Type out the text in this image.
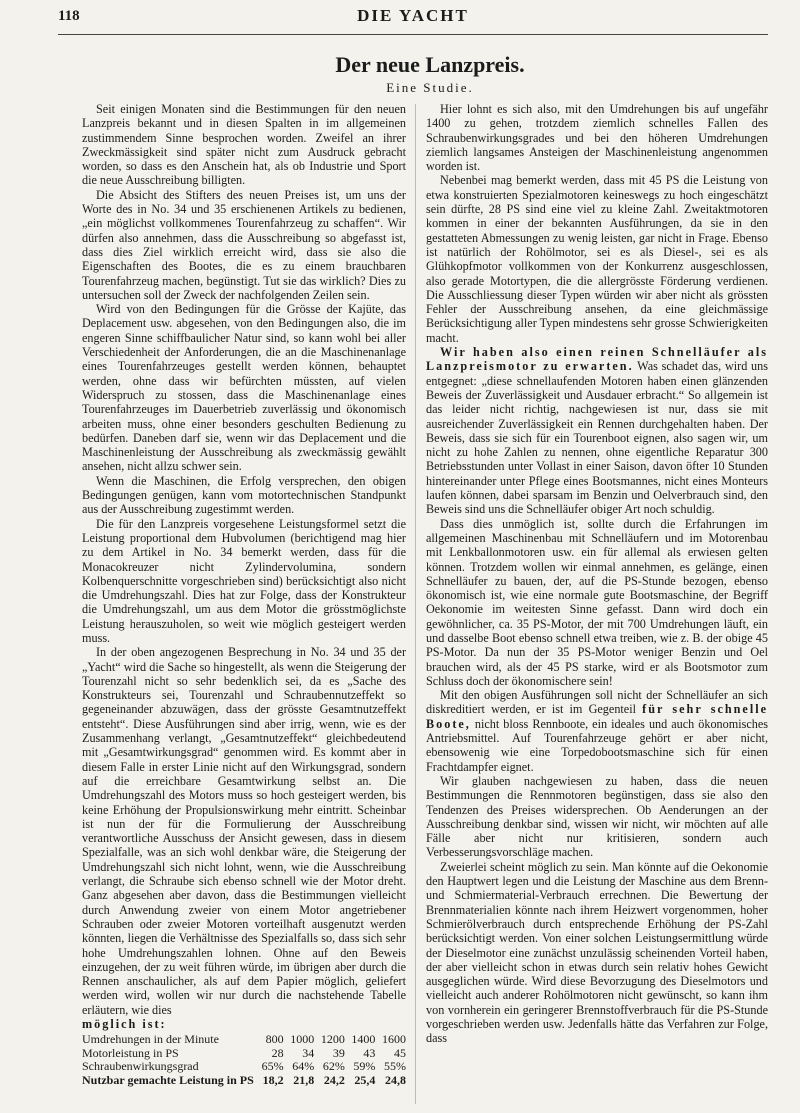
118	DIE YACHT
Der neue Lanzpreis.
Eine Studie.

Seit einigen Monaten sind die Bestimmungen für den neuen Lanzpreis bekannt und in diesen Spalten in im allgemeinen zustimmendem Sinne besprochen worden. Zweifel an ihrer Zweckmässigkeit sind später nicht zum Ausdruck gebracht worden, so dass es den Anschein hat, als ob Industrie und Sport die neue Ausschreibung billigten.

Die Absicht des Stifters des neuen Preises ist, um uns der Worte des in No. 34 und 35 erschienenen Artikels zu bedienen, „ein möglichst vollkommenes Tourenfahrzeug zu schaffen“. Wir dürfen also annehmen, dass die Ausschreibung so abgefasst ist, dass dies Ziel wirklich erreicht wird, dass sie also die Eigenschaften des Bootes, die es zu einem brauchbaren Tourenfahrzeug machen, begünstigt. Tut sie das wirklich? Dies zu untersuchen soll der Zweck der nachfolgenden Zeilen sein.

Wird von den Bedingungen für die Grösse der Kajüte, das Deplacement usw. abgesehen, von den Bedingungen also, die im engeren Sinne schiffbaulicher Natur sind, so kann wohl bei aller Verschiedenheit der Anforderungen, die an die Maschinenanlage eines Tourenfahrzeuges gestellt werden können, behauptet werden, ohne dass wir befürchten müssten, auf vielen Widerspruch zu stossen, dass die Maschinenanlage eines Tourenfahrzeuges im Dauerbetrieb zuverlässig und ökonomisch arbeiten muss, ohne einer besonders geschulten Bedienung zu bedürfen. Daneben darf sie, wenn wir das Deplacement und die Maschinenleistung der Ausschreibung als zweckmässig gewählt ansehen, nicht allzu schwer sein.

Wenn die Maschinen, die Erfolg versprechen, den obigen Bedingungen genügen, kann vom motortechnischen Standpunkt aus der Ausschreibung zugestimmt werden.

Die für den Lanzpreis vorgesehene Leistungsformel setzt die Leistung proportional dem Hubvolumen (berichtigend mag hier zu dem Artikel in No. 34 bemerkt werden, dass für die Monacokreuzer nicht Zylindervolumina, sondern Kolbenquerschnitte vorgeschrieben sind) berücksichtigt also nicht die Umdrehungszahl. Dies hat zur Folge, dass der Konstrukteur die Umdrehungszahl, um aus dem Motor die grösstmöglichste Leistung herauszuholen, so weit wie möglich gesteigert werden muss.

In der oben angezogenen Besprechung in No. 34 und 35 der „Yacht“ wird die Sache so hingestellt, als wenn die Steigerung der Tourenzahl nicht so sehr bedenklich sei, da es „Sache des Konstrukteurs sei, Tourenzahl und Schraubennutzeffekt so gegeneinander abzuwägen, dass der grösste Gesamtnutzeffekt entsteht“. Diese Ausführungen sind aber irrig, wenn, wie es der Zusammenhang verlangt, „Gesamtnutzeffekt“ gleichbedeutend mit „Gesamtwirkungsgrad“ genommen wird. Es kommt aber in diesem Falle in erster Linie nicht auf den Wirkungsgrad, sondern auf die erreichbare Gesamtwirkung selbst an. Die Umdrehungszahl des Motors muss so hoch gesteigert werden, bis keine Erhöhung der Propulsionswirkung mehr eintritt. Scheinbar ist nun der für die Formulierung der Ausschreibung verantwortliche Ausschuss der Ansicht gewesen, dass in diesem Spezialfalle, was an sich wohl denkbar wäre, die Steigerung der Umdrehungszahl sich nicht lohnt, wenn, wie die Ausschreibung verlangt, die Schraube sich ebenso schnell wie der Motor dreht. Ganz abgesehen aber davon, dass die Bestimmungen vielleicht durch Anwendung zweier von einem Motor angetriebener Schrauben oder zweier Motoren vorteilhaft ausgenutzt werden könnten, liegen die Verhältnisse des Spezialfalls so, dass sich sehr hohe Umdrehungszahlen lohnen. Ohne auf den Beweis einzugehen, der zu weit führen würde, im übrigen aber durch die Rennen anschaulicher, als auf dem Papier möglich, geliefert werden wird, wollen wir nur durch die nachstehende Tabelle erläutern, wie dies

möglich ist:

Umdrehungen in der Minute	800	1000	1200	1400	1600
Motorleistung in PS	28	34	39	43	45
Schraubenwirkungsgrad	65%	64%	62%	59%	55%
Nutzbar gemachte Leistung in PS	18,2	21,8	24,2	25,4	24,8

Hier lohnt es sich also, mit den Umdrehungen bis auf ungefähr 1400 zu gehen, trotzdem ziemlich schnelles Fallen des Schraubenwirkungsgrades und bei den höheren Umdrehungen ziemlich langsames Ansteigen der Maschinenleistung angenommen worden ist.

Nebenbei mag bemerkt werden, dass mit 45 PS die Leistung von etwa konstruierten Spezialmotoren keineswegs zu hoch eingeschätzt sein dürfte, 28 PS sind eine viel zu kleine Zahl. Zweitaktmotoren kommen in einer der bekannten Ausführungen, da sie in den gestatteten Abmessungen zu wenig leisten, gar nicht in Frage. Ebenso ist natürlich der Rohölmotor, sei es als Diesel-, sei es als Glühkopfmotor vollkommen von der Konkurrenz ausgeschlossen, also gerade Motortypen, die die allergrösste Förderung verdienen. Die Ausschliessung dieser Typen würden wir aber nicht als grössten Fehler der Ausschreibung ansehen, da eine gleichmässige Berücksichtigung aller Typen mindestens sehr grosse Schwierigkeiten macht.

Wir haben also einen reinen Schnelläufer als Lanzpreismotor zu erwarten. Was schadet das, wird uns entgegnet: „diese schnellaufenden Motoren haben einen glänzenden Beweis der Zuverlässigkeit und Ausdauer erbracht.“ So allgemein ist das leider nicht richtig, nachgewiesen ist nur, dass sie mit ausreichender Zuverlässigkeit ein Rennen durchgehalten haben. Der Beweis, dass sie sich für ein Tourenboot eignen, also sagen wir, um nicht zu hohe Zahlen zu nennen, ohne eigentliche Reparatur 300 Betriebsstunden unter Vollast in einer Saison, davon öfter 10 Stunden hintereinander unter Pflege eines Bootsmannes, nicht eines Monteurs laufen können, dabei sparsam im Benzin und Oelverbrauch sind, den Beweis sind uns die Schnelläufer obiger Art noch schuldig.

Dass dies unmöglich ist, sollte durch die Erfahrungen im allgemeinen Maschinenbau mit Schnelläufern und im Motorenbau mit Lenkballonmotoren usw. ein für allemal als erwiesen gelten können. Trotzdem wollen wir einmal annehmen, es gelänge, einen Schnelläufer zu bauen, der, auf die PS-Stunde bezogen, ebenso ökonomisch ist, wie eine normale gute Bootsmaschine, der Begriff Oekonomie im weitesten Sinne gefasst. Dann wird doch ein gewöhnlicher, ca. 35 PS-Motor, der mit 700 Umdrehungen läuft, ein und dasselbe Boot ebenso schnell etwa treiben, wie z. B. der obige 45 PS-Motor. Da nun der 35 PS-Motor weniger Benzin und Oel brauchen wird, als der 45 PS starke, wird er als Bootsmotor zum Schluss doch der ökonomischere sein!

Mit den obigen Ausführungen soll nicht der Schnelläufer an sich diskreditiert werden, er ist im Gegenteil für sehr schnelle Boote, nicht bloss Rennboote, ein ideales und auch ökonomisches Antriebsmittel. Auf Tourenfahrzeuge gehört er aber nicht, ebensowenig wie eine Torpedobootsmaschine sich für einen Frachtdampfer eignet.

Wir glauben nachgewiesen zu haben, dass die neuen Bestimmungen die Rennmotoren begünstigen, dass sie also den Tendenzen des Preises widersprechen. Ob Aenderungen an der Ausschreibung denkbar sind, wissen wir nicht, wir möchten auf alle Fälle aber nicht nur kritisieren, sondern auch Verbesserungsvorschläge machen.

Zweierlei scheint möglich zu sein. Man könnte auf die Oekonomie den Hauptwert legen und die Leistung der Maschine aus dem Brenn- und Schmiermaterial-Verbrauch errechnen. Die Bewertung der Brennmaterialien könnte nach ihrem Heizwert vorgenommen, hoher Schmierölverbrauch durch entsprechende Erhöhung der PS-Zahl berücksichtigt werden. Von einer solchen Leistungsermittlung würde der Dieselmotor eine zunächst unzulässig scheinenden Vorteil haben, der aber vielleicht schon in etwas durch sein relativ hohes Gewicht ausgeglichen würde. Wird diese Bevorzugung des Dieselmotors und vielleicht auch anderer Rohölmotoren nicht gewünscht, so kann ihm von vornherein ein geringerer Brennstoffverbrauch für die PS-Stunde vorgeschrieben werden usw. Jedenfalls hätte das Verfahren zur Folge, dass
